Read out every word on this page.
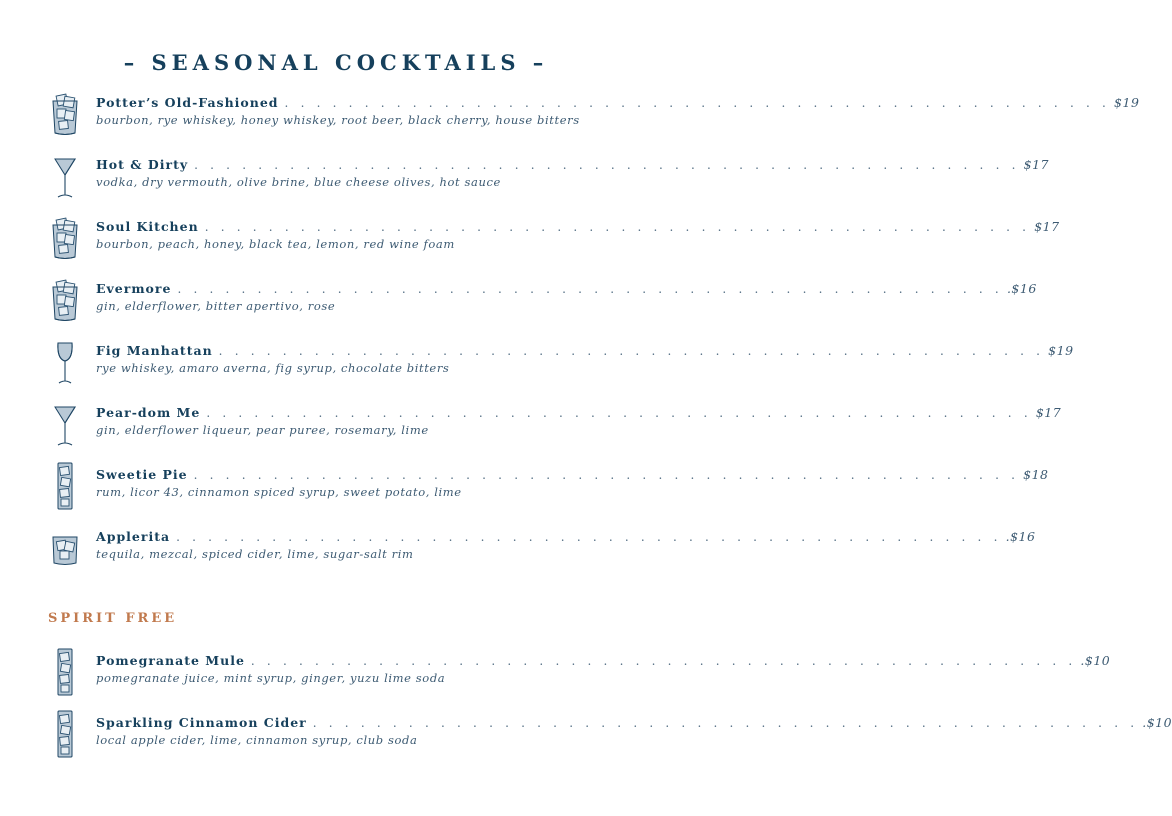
– SEASONAL COCKTAILS –
Potter’s Old-Fashioned . . . . . . . . . . . . . . . . . . . . . . . . . . . . . . . . . . . . . . . . . . . . . . . . . . . . $19
bourbon, rye whiskey, honey whiskey, root beer, black cherry, house bitters
Hot & Dirty . . . . . . . . . . . . . . . . . . . . . . . . . . . . . . . . . . . . . . . . . . . . . . . . . . . . $17
vodka, dry vermouth, olive brine, blue cheese olives, hot sauce
Soul Kitchen . . . . . . . . . . . . . . . . . . . . . . . . . . . . . . . . . . . . . . . . . . . . . . . . . . . . $17
bourbon, peach, honey, black tea, lemon, red wine foam
Evermore . . . . . . . . . . . . . . . . . . . . . . . . . . . . . . . . . . . . . . . . . . . . . . . . . . . . .$16
gin, elderflower, bitter apertivo, rose
Fig Manhattan . . . . . . . . . . . . . . . . . . . . . . . . . . . . . . . . . . . . . . . . . . . . . . . . . . . . $19
rye whiskey, amaro averna, fig syrup, chocolate bitters
Pear-dom Me . . . . . . . . . . . . . . . . . . . . . . . . . . . . . . . . . . . . . . . . . . . . . . . . . . . . $17
gin, elderflower liqueur, pear puree, rosemary, lime
Sweetie Pie . . . . . . . . . . . . . . . . . . . . . . . . . . . . . . . . . . . . . . . . . . . . . . . . . . . . $18
rum, licor 43, cinnamon spiced syrup, sweet potato, lime
Applerita . . . . . . . . . . . . . . . . . . . . . . . . . . . . . . . . . . . . . . . . . . . . . . . . . . . . .$16
tequila, mezcal, spiced cider, lime, sugar-salt rim
SPIRIT FREE
Pomegranate Mule . . . . . . . . . . . . . . . . . . . . . . . . . . . . . . . . . . . . . . . . . . . . . . . . . . . . .$10
pomegranate juice, mint syrup, ginger, yuzu lime soda
Sparkling Cinnamon Cider . . . . . . . . . . . . . . . . . . . . . . . . . . . . . . . . . . . . . . . . . . . . . . . . . . . . .$10
local apple cider, lime, cinnamon syrup, club soda
